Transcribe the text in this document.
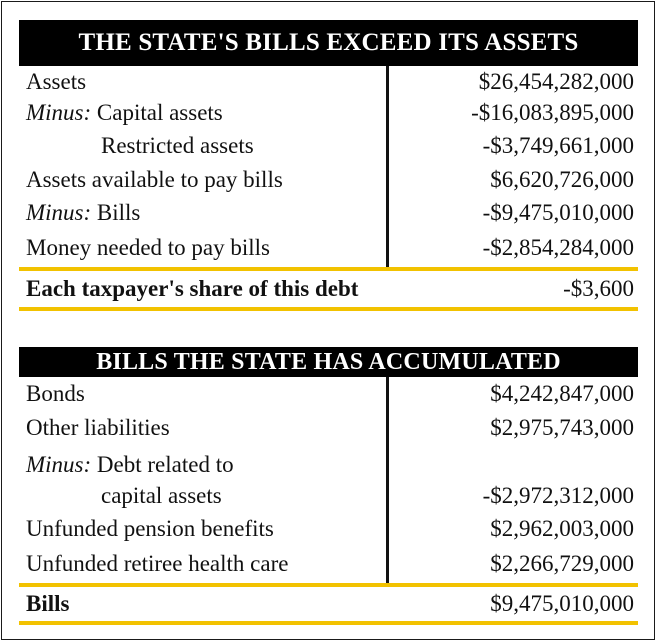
THE STATE'S BILLS EXCEED ITS ASSETS
Assets	$26,454,282,000
Minus: Capital assets	-$16,083,895,000
Restricted assets	-$3,749,661,000
Assets available to pay bills	$6,620,726,000
Minus: Bills	-$9,475,010,000
Money needed to pay bills	-$2,854,284,000
Each taxpayer's share of this debt	-$3,600
BILLS THE STATE HAS ACCUMULATED
Bonds	$4,242,847,000
Other liabilities	$2,975,743,000
Minus: Debt related to
capital assets	-$2,972,312,000
Unfunded pension benefits	$2,962,003,000
Unfunded retiree health care	$2,266,729,000
Bills	$9,475,010,000
